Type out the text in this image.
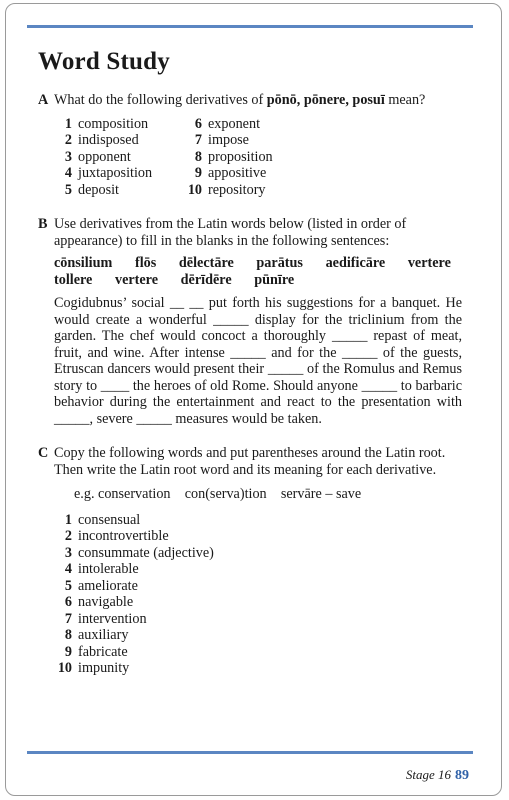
Word Study
A What do the following derivatives of pōnō, pōnere, posuī mean?
1 composition	6 exponent
2 indisposed	7 impose
3 opponent	8 proposition
4 juxtaposition	9 appositive
5 deposit	10 repository
B Use derivatives from the Latin words below (listed in order of appearance) to fill in the blanks in the following sentences:
cōnsilium   flōs   dēlectāre   parātus   aedificāre   vertere
tollere   vertere   dērīdēre   pūnīre
Cogidubnus’ social __ __ put forth his suggestions for a banquet. He would create a wonderful _____ display for the triclinium from the garden. The chef would concoct a thoroughly _____ repast of meat, fruit, and wine. After intense _____ and for the _____ of the guests, Etruscan dancers would present their _____ of the Romulus and Remus story to ____ the heroes of old Rome. Should anyone _____ to barbaric behavior during the entertainment and react to the presentation with _____, severe _____ measures would be taken.
C Copy the following words and put parentheses around the Latin root. Then write the Latin root word and its meaning for each derivative.
e.g. conservation    con(serva)tion    servāre – save
1 consensual
2 incontrovertible
3 consummate (adjective)
4 intolerable
5 ameliorate
6 navigable
7 intervention
8 auxiliary
9 fabricate
10 impunity
Stage 16 89
